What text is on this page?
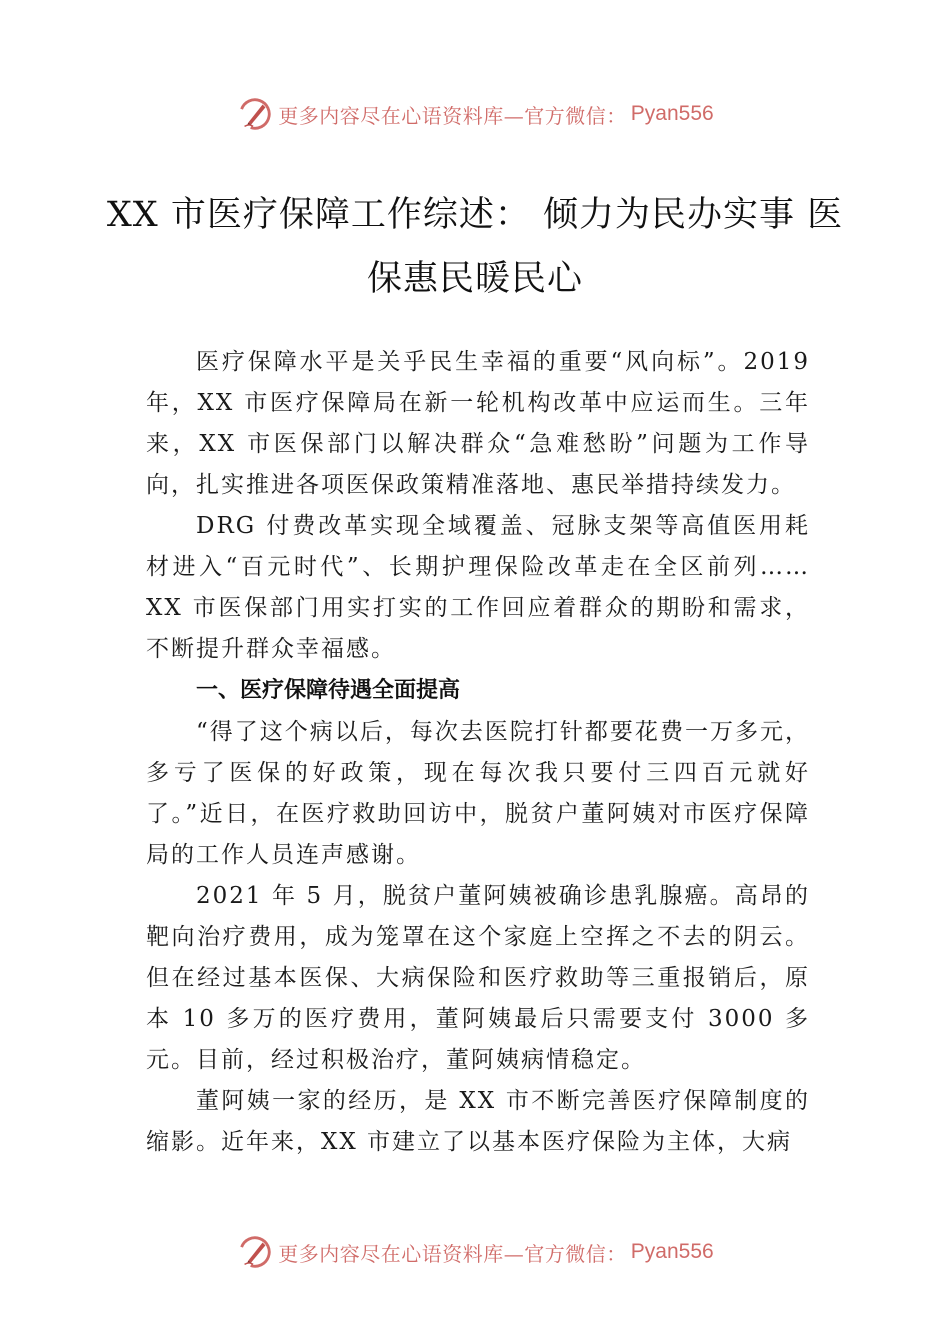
更多内容尽在心语资料库—官方微信： Pyan556
XX 市医疗保障工作综述： 倾力为民办实事 医保惠民暖民心

医疗保障水平是关乎民生幸福的重要“风向标”。2019 年，XX 市医疗保障局在新一轮机构改革中应运而生。三年来，XX 市医保部门以解决群众“急难愁盼”问题为工作导向，扎实推进各项医保政策精准落地、惠民举措持续发力。

DRG 付费改革实现全域覆盖、冠脉支架等高值医用耗材进入“百元时代”、长期护理保险改革走在全区前列……XX 市医保部门用实打实的工作回应着群众的期盼和需求，不断提升群众幸福感。

一、医疗保障待遇全面提高

“得了这个病以后，每次去医院打针都要花费一万多元，多亏了医保的好政策，现在每次我只要付三四百元就好了。”近日，在医疗救助回访中，脱贫户董阿姨对市医疗保障局的工作人员连声感谢。

2021 年 5 月，脱贫户董阿姨被确诊患乳腺癌。高昂的靶向治疗费用，成为笼罩在这个家庭上空挥之不去的阴云。但在经过基本医保、大病保险和医疗救助等三重报销后，原本 10 多万的医疗费用，董阿姨最后只需要支付 3000 多元。目前，经过积极治疗，董阿姨病情稳定。

董阿姨一家的经历，是 XX 市不断完善医疗保障制度的缩影。近年来，XX 市建立了以基本医疗保险为主体，大病

更多内容尽在心语资料库—官方微信： Pyan556
